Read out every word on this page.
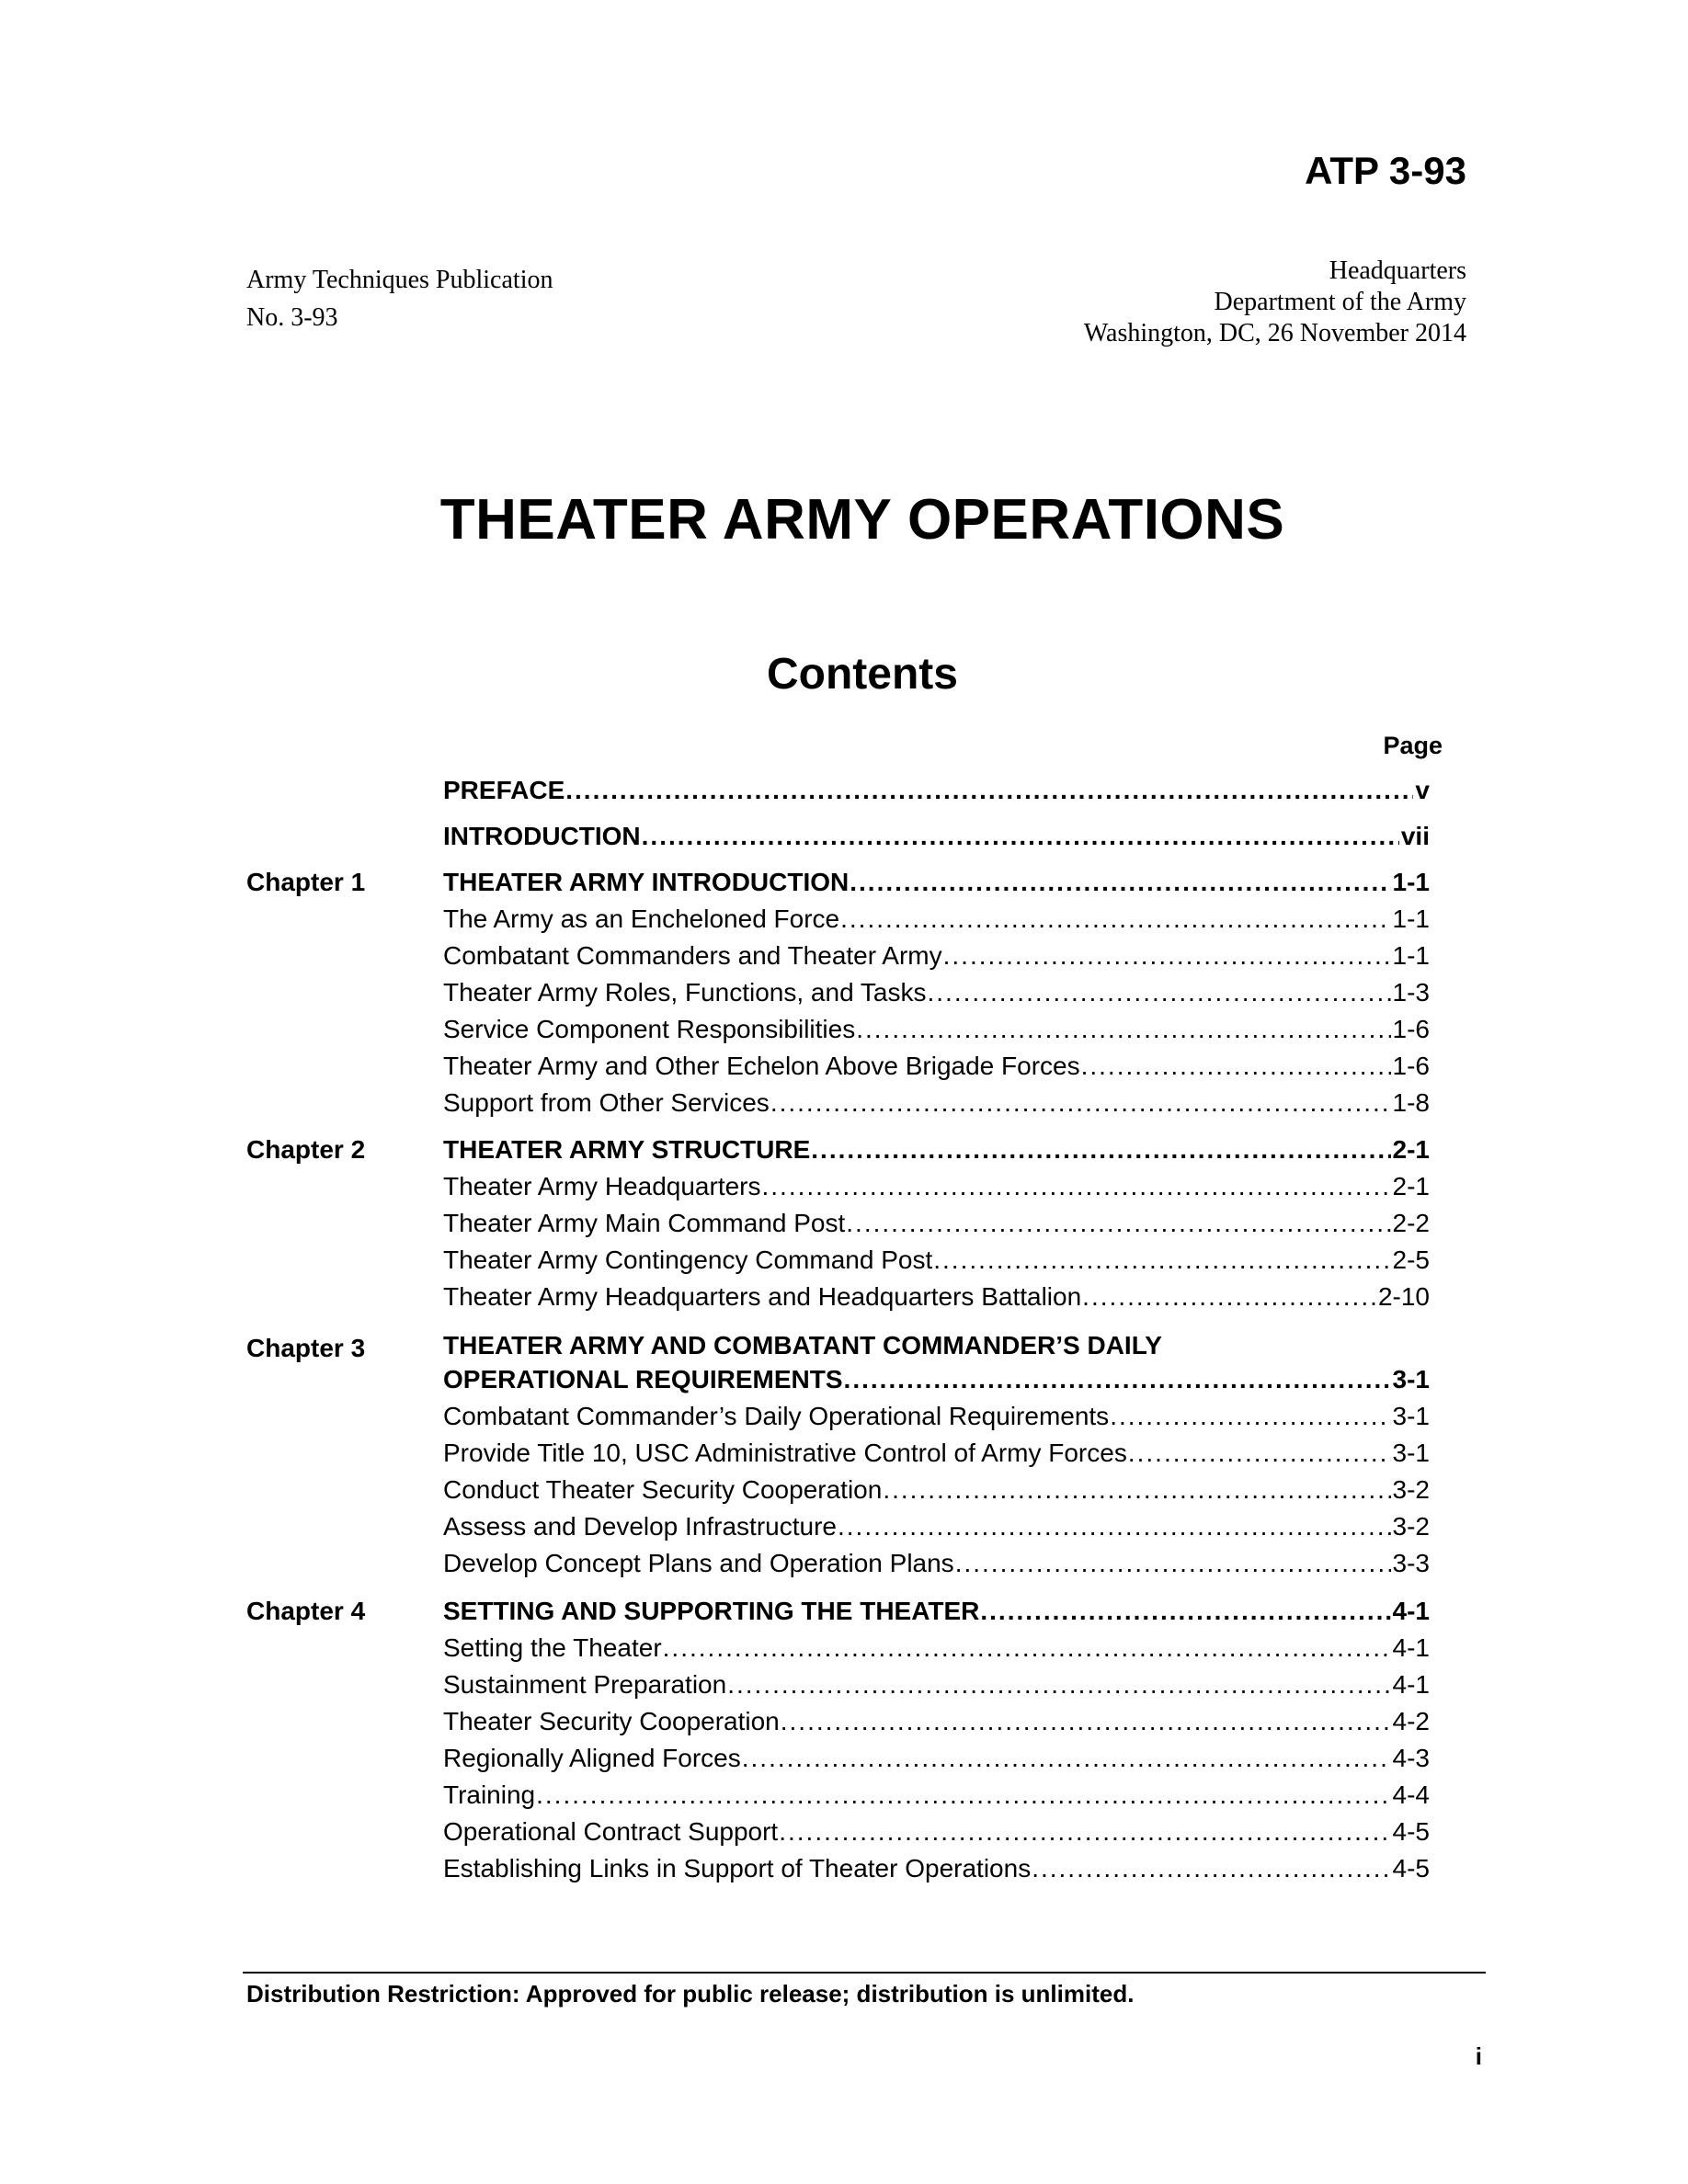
ATP 3-93
Army Techniques Publication
No. 3-93
Headquarters
Department of the Army
Washington, DC, 26 November 2014
THEATER ARMY OPERATIONS
Contents
Page
PREFACE .....	v
INTRODUCTION .....	vii
Chapter 1	THEATER ARMY INTRODUCTION .....	1-1
The Army as an Encheloned Force .....	1-1
Combatant Commanders and Theater Army .....	1-1
Theater Army Roles, Functions, and Tasks .....	1-3
Service Component Responsibilities .....	1-6
Theater Army and Other Echelon Above Brigade Forces .....	1-6
Support from Other Services .....	1-8
Chapter 2	THEATER ARMY STRUCTURE .....	2-1
Theater Army Headquarters .....	2-1
Theater Army Main Command Post .....	2-2
Theater Army Contingency Command Post .....	2-5
Theater Army Headquarters and Headquarters Battalion .....	2-10
Chapter 3	THEATER ARMY AND COMBATANT COMMANDER’S DAILY
OPERATIONAL REQUIREMENTS .....	3-1
Combatant Commander’s Daily Operational Requirements .....	3-1
Provide Title 10, USC Administrative Control of Army Forces .....	3-1
Conduct Theater Security Cooperation .....	3-2
Assess and Develop Infrastructure .....	3-2
Develop Concept Plans and Operation Plans .....	3-3
Chapter 4	SETTING AND SUPPORTING THE THEATER .....	4-1
Setting the Theater .....	4-1
Sustainment Preparation .....	4-1
Theater Security Cooperation .....	4-2
Regionally Aligned Forces .....	4-3
Training .....	4-4
Operational Contract Support .....	4-5
Establishing Links in Support of Theater Operations .....	4-5
Distribution Restriction: Approved for public release; distribution is unlimited.
i
